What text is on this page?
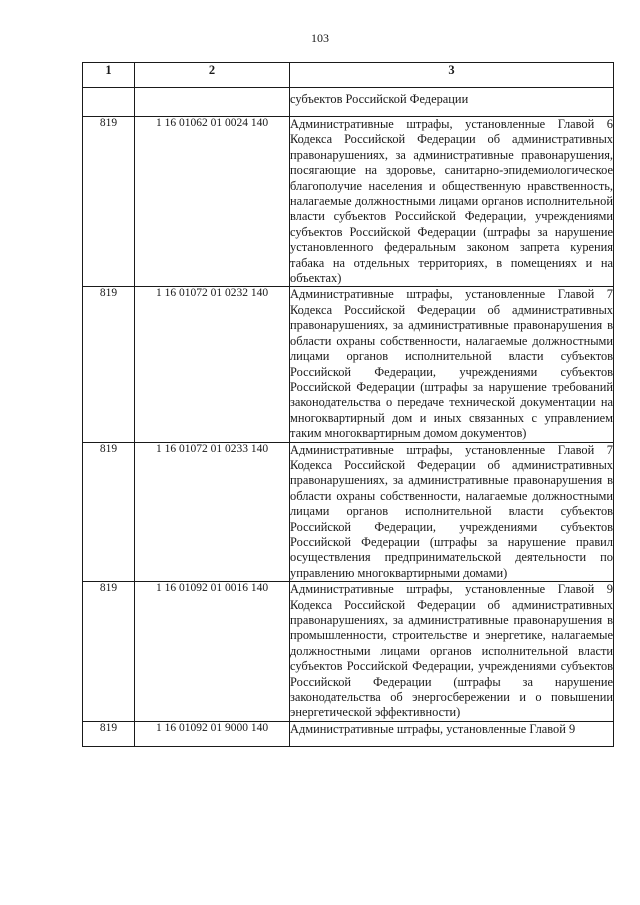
103
1	2	3
		субъектов Российской Федерации
819	1 16 01062 01 0024 140	Административные штрафы, установленные Главой 6 Кодекса Российской Федерации об административных правонарушениях, за административные правонарушения, посягающие на здоровье, санитарно-эпидемиологическое благополучие населения и общественную нравственность, налагаемые должностными лицами органов исполнительной власти субъектов Российской Федерации, учреждениями субъектов Российской Федерации (штрафы за нарушение установленного федеральным законом запрета курения табака на отдельных территориях, в помещениях и на объектах)
819	1 16 01072 01 0232 140	Административные штрафы, установленные Главой 7 Кодекса Российской Федерации об административных правонарушениях, за административные правонарушения в области охраны собственности, налагаемые должностными лицами органов исполнительной власти субъектов Российской Федерации, учреждениями субъектов Российской Федерации (штрафы за нарушение требований законодательства о передаче технической документации на многоквартирный дом и иных связанных с управлением таким многоквартирным домом документов)
819	1 16 01072 01 0233 140	Административные штрафы, установленные Главой 7 Кодекса Российской Федерации об административных правонарушениях, за административные правонарушения в области охраны собственности, налагаемые должностными лицами органов исполнительной власти субъектов Российской Федерации, учреждениями субъектов Российской Федерации (штрафы за нарушение правил осуществления предпринимательской деятельности по управлению многоквартирными домами)
819	1 16 01092 01 0016 140	Административные штрафы, установленные Главой 9 Кодекса Российской Федерации об административных правонарушениях, за административные правонарушения в промышленности, строительстве и энергетике, налагаемые должностными лицами органов исполнительной власти субъектов Российской Федерации, учреждениями субъектов Российской Федерации (штрафы за нарушение законодательства об энергосбережении и о повышении энергетической эффективности)
819	1 16 01092 01 9000 140	Административные штрафы, установленные Главой 9
